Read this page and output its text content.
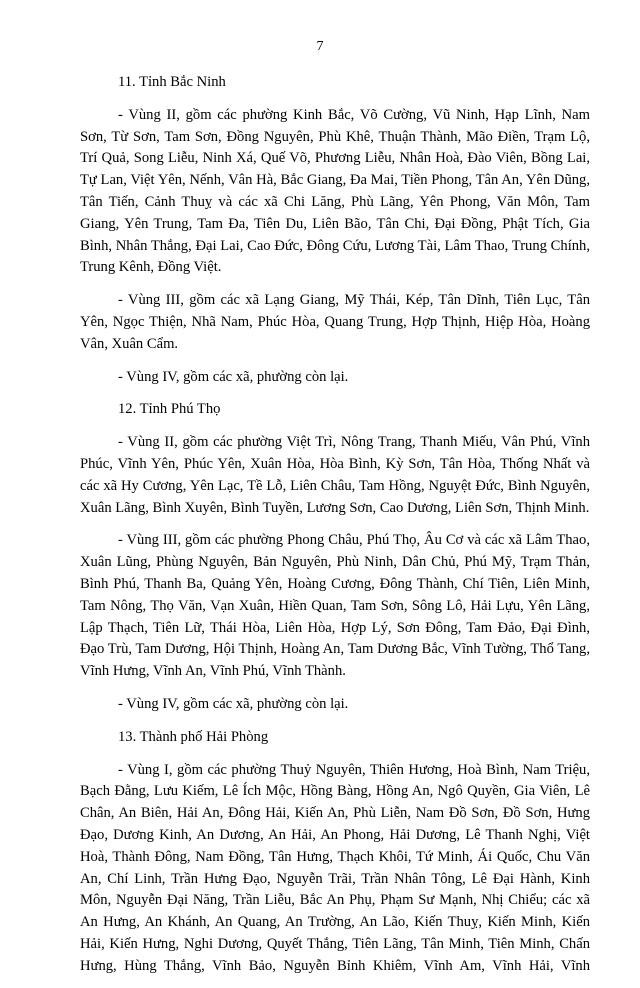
7
11. Tỉnh Bắc Ninh

- Vùng II, gồm các phường Kinh Bắc, Võ Cường, Vũ Ninh, Hạp Lĩnh, Nam Sơn, Từ Sơn, Tam Sơn, Đồng Nguyên, Phù Khê, Thuận Thành, Mão Điền, Trạm Lộ, Trí Quả, Song Liễu, Ninh Xá, Quế Võ, Phương Liễu, Nhân Hoà, Đào Viên, Bồng Lai, Tự Lan, Việt Yên, Nếnh, Vân Hà, Bắc Giang, Đa Mai, Tiền Phong, Tân An, Yên Dũng, Tân Tiến, Cảnh Thuỵ và các xã Chi Lăng, Phù Lãng, Yên Phong, Văn Môn, Tam Giang, Yên Trung, Tam Đa, Tiên Du, Liên Bão, Tân Chi, Đại Đồng, Phật Tích, Gia Bình, Nhân Thắng, Đại Lai, Cao Đức, Đông Cứu, Lương Tài, Lâm Thao, Trung Chính, Trung Kênh, Đồng Việt.

- Vùng III, gồm các xã Lạng Giang, Mỹ Thái, Kép, Tân Dĩnh, Tiên Lục, Tân Yên, Ngọc Thiện, Nhã Nam, Phúc Hòa, Quang Trung, Hợp Thịnh, Hiệp Hòa, Hoàng Vân, Xuân Cẩm.

- Vùng IV, gồm các xã, phường còn lại.

12. Tỉnh Phú Thọ

- Vùng II, gồm các phường Việt Trì, Nông Trang, Thanh Miếu, Vân Phú, Vĩnh Phúc, Vĩnh Yên, Phúc Yên, Xuân Hòa, Hòa Bình, Kỳ Sơn, Tân Hòa, Thống Nhất và các xã Hy Cương, Yên Lạc, Tề Lỗ, Liên Châu, Tam Hồng, Nguyệt Đức, Bình Nguyên, Xuân Lãng, Bình Xuyên, Bình Tuyền, Lương Sơn, Cao Dương, Liên Sơn, Thịnh Minh.

- Vùng III, gồm các phường Phong Châu, Phú Thọ, Âu Cơ và các xã Lâm Thao, Xuân Lũng, Phùng Nguyên, Bản Nguyên, Phù Ninh, Dân Chủ, Phú Mỹ, Trạm Thản, Bình Phú, Thanh Ba, Quảng Yên, Hoàng Cương, Đông Thành, Chí Tiên, Liên Minh, Tam Nông, Thọ Văn, Vạn Xuân, Hiền Quan, Tam Sơn, Sông Lô, Hải Lựu, Yên Lãng, Lập Thạch, Tiên Lữ, Thái Hòa, Liên Hòa, Hợp Lý, Sơn Đông, Tam Đảo, Đại Đình, Đạo Trù, Tam Dương, Hội Thịnh, Hoàng An, Tam Dương Bắc, Vĩnh Tường, Thổ Tang, Vĩnh Hưng, Vĩnh An, Vĩnh Phú, Vĩnh Thành.

- Vùng IV, gồm các xã, phường còn lại.

13. Thành phố Hải Phòng

- Vùng I, gồm các phường Thuỷ Nguyên, Thiên Hương, Hoà Bình, Nam Triệu, Bạch Đằng, Lưu Kiếm, Lê Ích Mộc, Hồng Bàng, Hồng An, Ngô Quyền, Gia Viên, Lê Chân, An Biên, Hải An, Đông Hải, Kiến An, Phù Liễn, Nam Đồ Sơn, Đồ Sơn, Hưng Đạo, Dương Kinh, An Dương, An Hải, An Phong, Hải Dương, Lê Thanh Nghị, Việt Hoà, Thành Đông, Nam Đồng, Tân Hưng, Thạch Khôi, Tứ Minh, Ái Quốc, Chu Văn An, Chí Linh, Trần Hưng Đạo, Nguyễn Trãi, Trần Nhân Tông, Lê Đại Hành, Kinh Môn, Nguyễn Đại Năng, Trần Liễu, Bắc An Phụ, Phạm Sư Mạnh, Nhị Chiểu; các xã An Hưng, An Khánh, An Quang, An Trường, An Lão, Kiến Thuỵ, Kiến Minh, Kiến Hải, Kiến Hưng, Nghi Dương, Quyết Thắng, Tiên Lãng, Tân Minh, Tiên Minh, Chấn Hưng, Hùng Thắng, Vĩnh Bảo, Nguyễn Bỉnh Khiêm, Vĩnh Am, Vĩnh Hải, Vĩnh
